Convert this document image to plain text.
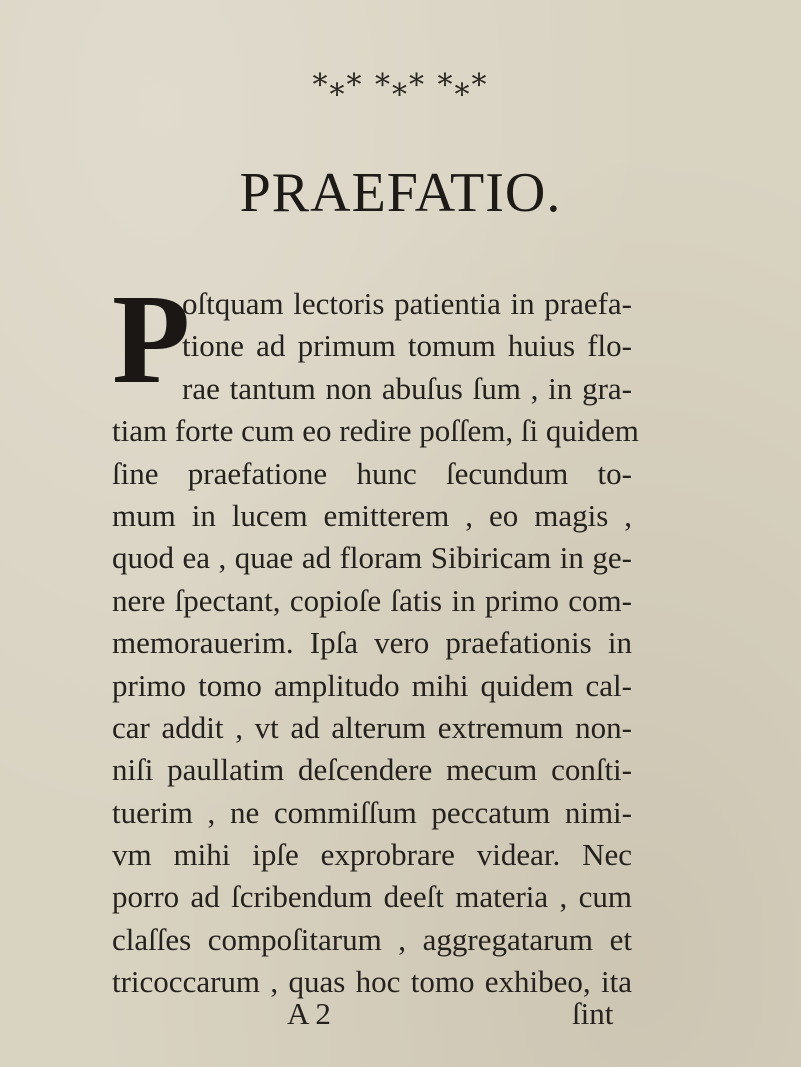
*⁎* *⁎* *⁎*
PRAEFATIO.
P
oſtquam lectoris patientia in praefa-
tione ad primum tomum huius flo-
rae tantum non abuſus ſum , in gra-
tiam forte cum eo redire poſſem, ſi quidem
ſine praefatione hunc ſecundum to-
mum in lucem emitterem , eo magis ,
quod ea , quae ad floram Sibiricam in ge-
nere ſpectant, copioſe ſatis in primo com-
memorauerim. Ipſa vero praefationis in
primo tomo amplitudo mihi quidem cal-
car addit , vt ad alterum extremum non-
niſi paullatim deſcendere mecum conſti-
tuerim , ne commiſſum peccatum nimi-
vm mihi ipſe exprobrare videar. Nec
porro ad ſcribendum deeſt materia , cum
claſſes compoſitarum , aggregatarum et
tricoccarum , quas hoc tomo exhibeo, ita
A 2	ſint
